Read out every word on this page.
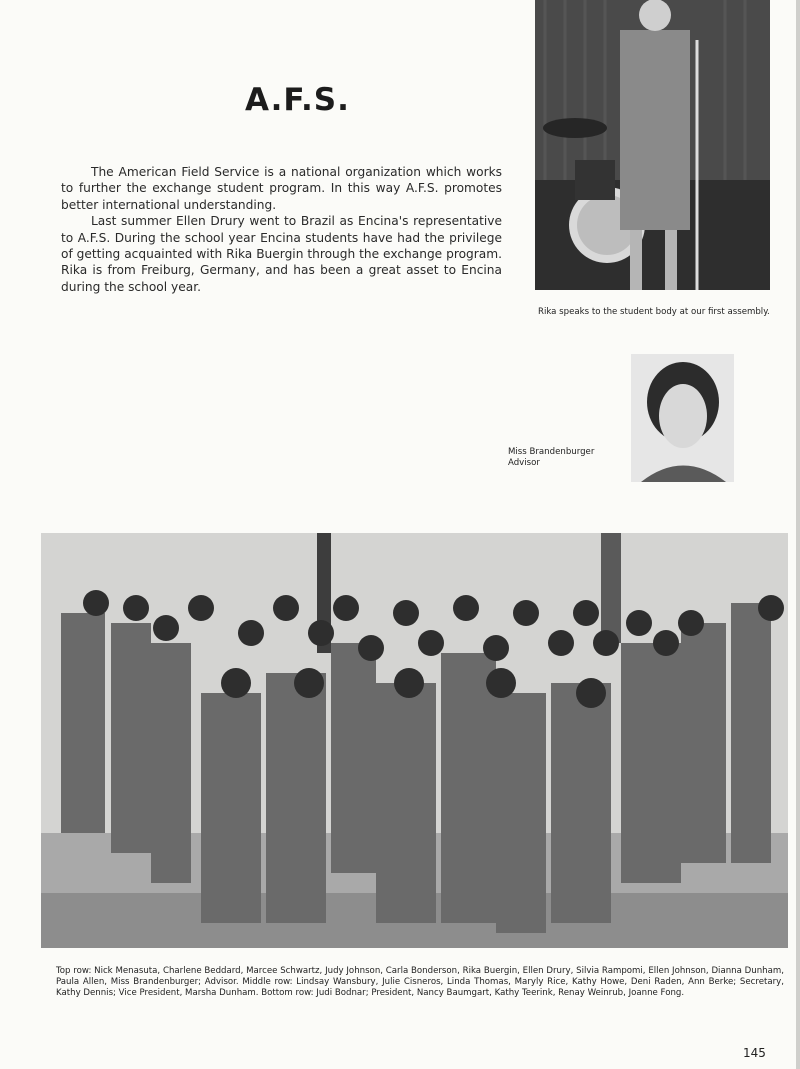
A.F.S.

The American Field Service is a national organization which works to further the exchange student program. In this way A.F.S. promotes better international understanding.

Last summer Ellen Drury went to Brazil as Encina's representative to A.F.S. During the school year Encina students have had the privilege of getting acquainted with Rika Buergin through the exchange program. Rika is from Freiburg, Germany, and has been a great asset to Encina during the school year.

Rika speaks to the student body at our first assembly.
Miss Brandenburger
Advisor
Top row: Nick Menasuta, Charlene Beddard, Marcee Schwartz, Judy Johnson, Carla Bonderson, Rika Buergin, Ellen Drury, Silvia Rampomi, Ellen Johnson, Dianna Dunham, Paula Allen, Miss Brandenburger; Advisor. Middle row: Lindsay Wansbury, Julie Cisneros, Linda Thomas, Maryly Rice, Kathy Howe, Deni Raden, Ann Berke; Secretary, Kathy Dennis; Vice President, Marsha Dunham. Bottom row: Judi Bodnar; President, Nancy Baumgart, Kathy Teerink, Renay Weinrub, Joanne Fong.
145
